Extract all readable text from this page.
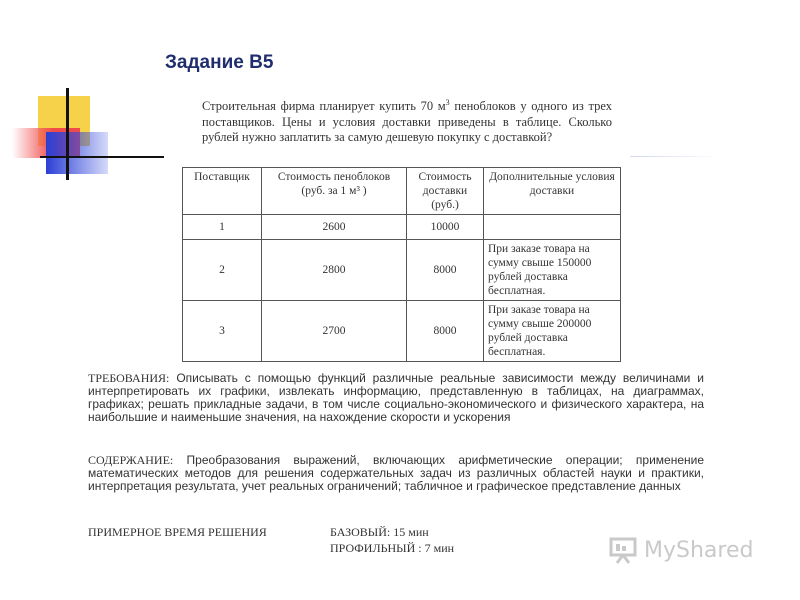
Задание В5
Строительная фирма планирует купить 70 $м^3$ пеноблоков у одного из трех поставщиков. Цены и условия доставки приведены в таблице. Сколько рублей нужно заплатить за самую дешевую покупку с доставкой?
Поставщик	Стоимость пеноблоков (руб. за 1 м³ )	Стоимость доставки (руб.)	Дополнительные условия доставки
1	2600	10000	
2	2800	8000	При заказе товара на сумму свыше 150000 рублей доставка бесплатная.
3	2700	8000	При заказе товара на сумму свыше 200000 рублей доставка бесплатная.
ТРЕБОВАНИЯ: Описывать с помощью функций различные реальные зависимости между величинами и интерпретировать их графики, извлекать информацию, представленную в таблицах, на диаграммах, графиках; решать прикладные задачи, в том числе социально-экономического и физического характера, на наибольшие и наименьшие значения, на нахождение скорости и ускорения
СОДЕРЖАНИЕ: Преобразования выражений, включающих арифметические операции; применение математических методов для решения содержательных задач из различных областей науки и практики, интерпретация результата, учет реальных ограничений; табличное и графическое представление данных
ПРИМЕРНОЕ ВРЕМЯ РЕШЕНИЯ	БАЗОВЫЙ: 15 мин
ПРОФИЛЬНЫЙ : 7 мин	MyShared
